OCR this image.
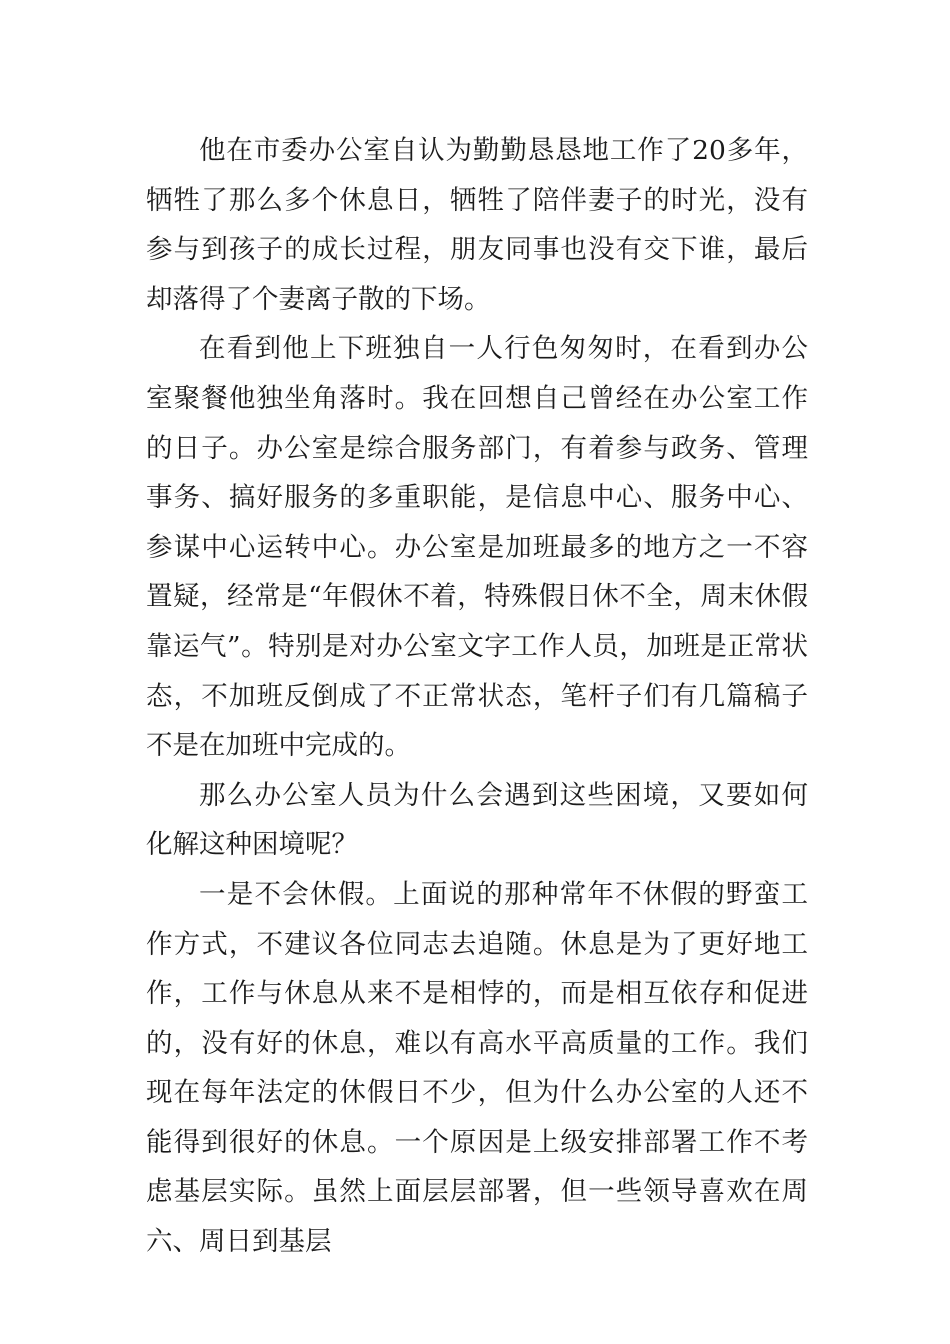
他在市委办公室自认为勤勤恳恳地工作了20多年，牺牲了那么多个休息日，牺牲了陪伴妻子的时光，没有参与到孩子的成长过程，朋友同事也没有交下谁，最后却落得了个妻离子散的下场。

在看到他上下班独自一人行色匆匆时，在看到办公室聚餐他独坐角落时。我在回想自己曾经在办公室工作的日子。办公室是综合服务部门，有着参与政务、管理事务、搞好服务的多重职能，是信息中心、服务中心、参谋中心运转中心。办公室是加班最多的地方之一不容置疑，经常是“年假休不着，特殊假日休不全，周末休假靠运气”。特别是对办公室文字工作人员，加班是正常状态，不加班反倒成了不正常状态，笔杆子们有几篇稿子不是在加班中完成的。

那么办公室人员为什么会遇到这些困境，又要如何化解这种困境呢？

一是不会休假。上面说的那种常年不休假的野蛮工作方式，不建议各位同志去追随。休息是为了更好地工作，工作与休息从来不是相悖的，而是相互依存和促进的，没有好的休息，难以有高水平高质量的工作。我们现在每年法定的休假日不少，但为什么办公室的人还不能得到很好的休息。一个原因是上级安排部署工作不考虑基层实际。虽然上面层层部署，但一些领导喜欢在周六、周日到基层
